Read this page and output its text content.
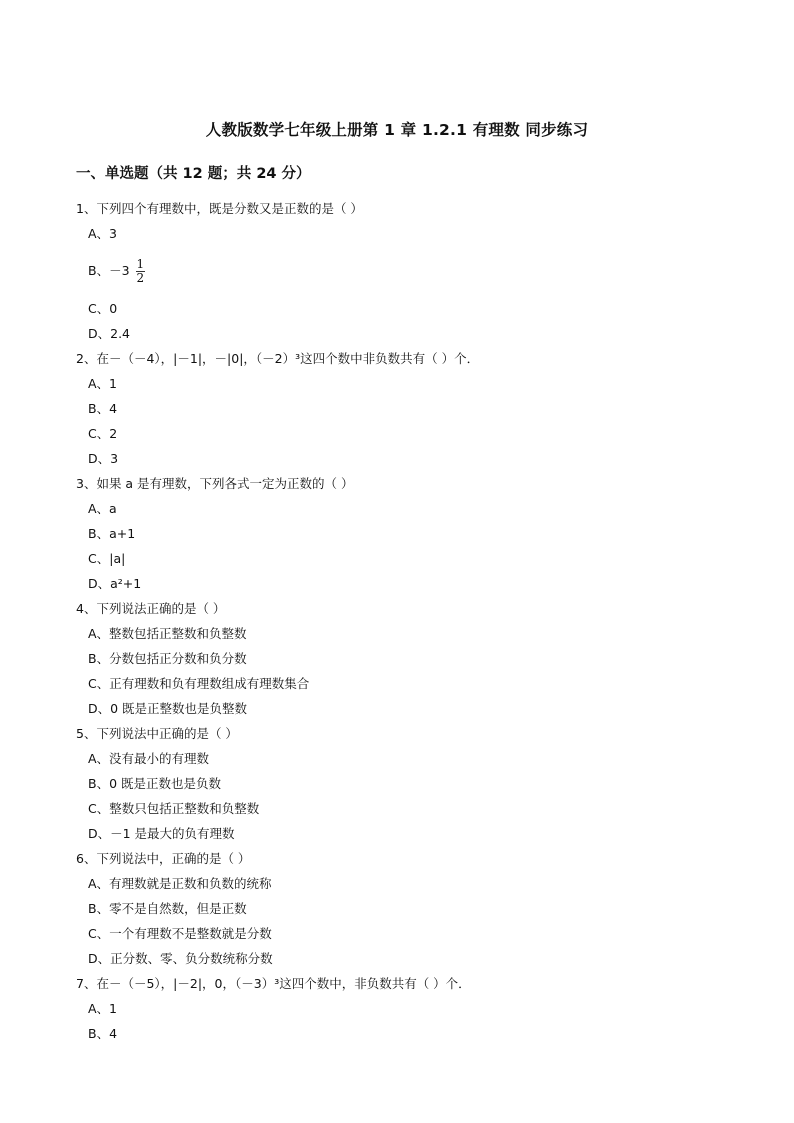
人教版数学七年级上册第 1 章 1.2.1 有理数 同步练习
一、单选题（共 12 题；共 24 分）
1、下列四个有理数中，既是分数又是正数的是（ ）
A、3
B、$-3 \frac{1}{2}$
C、0
D、2.4
2、在－（－4），|－1|，－|0|，（－2）³这四个数中非负数共有（ ）个．
A、1
B、4
C、2
D、3
3、如果 a 是有理数，下列各式一定为正数的（ ）
A、a
B、a+1
C、|a|
D、a²+1
4、下列说法正确的是（ ）
A、整数包括正整数和负整数
B、分数包括正分数和负分数
C、正有理数和负有理数组成有理数集合
D、0 既是正整数也是负整数
5、下列说法中正确的是（ ）
A、没有最小的有理数
B、0 既是正数也是负数
C、整数只包括正整数和负整数
D、－1 是最大的负有理数
6、下列说法中，正确的是（ ）
A、有理数就是正数和负数的统称
B、零不是自然数，但是正数
C、一个有理数不是整数就是分数
D、正分数、零、负分数统称分数
7、在－（－5），|－2|，0，（－3）³这四个数中，非负数共有（ ）个．
A、1
B、4
